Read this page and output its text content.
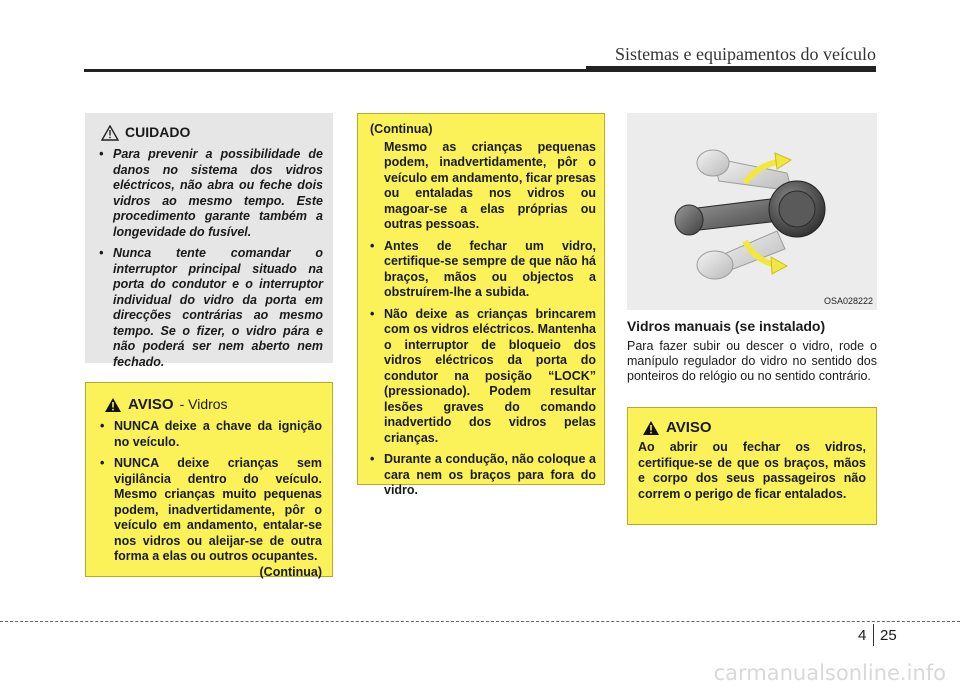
Sistemas e equipamentos do veículo
CUIDADO
• Para prevenir a possibilidade de danos no sistema dos vidros eléctricos, não abra ou feche dois vidros ao mesmo tempo. Este procedimento garante também a longevidade do fusível.
• Nunca tente comandar o interruptor principal situado na porta do condutor e o interruptor individual do vidro da porta em direcções contrárias ao mesmo tempo. Se o fizer, o vidro pára e não poderá ser nem aberto nem fechado.
AVISO - Vidros
• NUNCA deixe a chave da ignição no veículo.
• NUNCA deixe crianças sem vigilância dentro do veículo. Mesmo crianças muito pequenas podem, inadvertidamente, pôr o veículo em andamento, entalar-se nos vidros ou aleijar-se de outra forma a elas ou outros ocupantes.
(Continua)
(Continua)
Mesmo as crianças pequenas podem, inadvertidamente, pôr o veículo em andamento, ficar presas ou entaladas nos vidros ou magoar-se a elas próprias ou outras pessoas.
• Antes de fechar um vidro, certifique-se sempre de que não há braços, mãos ou objectos a obstruírem-lhe a subida.
• Não deixe as crianças brincarem com os vidros eléctricos. Mantenha o interruptor de bloqueio dos vidros eléctricos da porta do condutor na posição “LOCK” (pressionado). Podem resultar lesões graves do comando inadvertido dos vidros pelas crianças.
• Durante a condução, não coloque a cara nem os braços para fora do vidro.
OSA028222
Vidros manuais (se instalado)
Para fazer subir ou descer o vidro, rode o manípulo regulador do vidro no sentido dos ponteiros do relógio ou no sentido contrário.
AVISO
Ao abrir ou fechar os vidros, certifique-se de que os braços, mãos e corpo dos seus passageiros não correm o perigo de ficar entalados.
4 25
carmanualsonline.info
